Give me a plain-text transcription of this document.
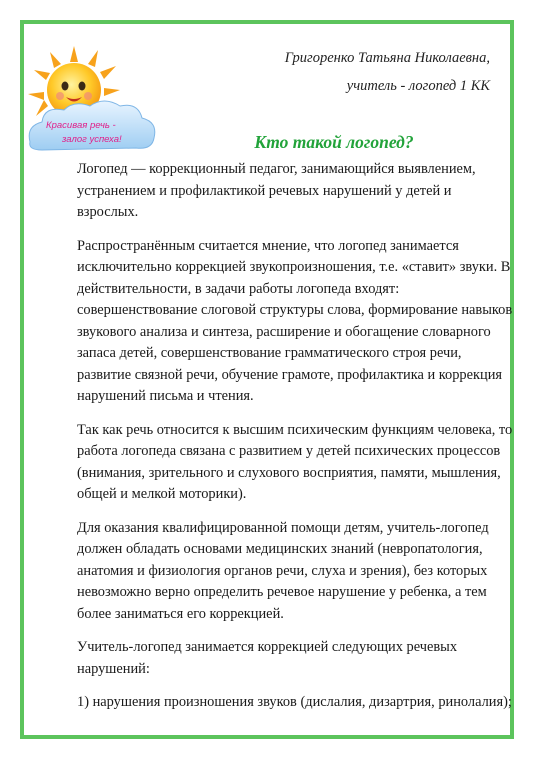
Красивая речь -
залог успеха!
Григоренко Татьяна Николаевна,
учитель - логопед 1 КК
Кто такой логопед?

Логопед — коррекционный педагог, занимающийся выявлением, устранением и профилактикой речевых нарушений у детей и взрослых.

Распространённым считается мнение, что логопед занимается исключительно коррекцией звукопроизношения, т.е. «ставит» звуки. В действительности, в задачи работы логопеда входят: совершенствование слоговой структуры слова, формирование навыков звукового анализа и синтеза, расширение и обогащение словарного запаса детей, совершенствование грамматического строя речи, развитие связной речи, обучение грамоте, профилактика и коррекция нарушений письма и чтения.

Так как речь относится к высшим психическим функциям человека, то работа логопеда связана с развитием у детей психических процессов (внимания, зрительного и слухового восприятия, памяти, мышления, общей и мелкой моторики).

Для оказания квалифицированной помощи детям, учитель-логопед должен обладать основами медицинских знаний (невропатология, анатомия и физиология органов речи, слуха и зрения), без которых невозможно верно определить речевое нарушение у ребенка, а тем более заниматься его коррекцией.

Учитель-логопед занимается коррекцией следующих речевых нарушений:

1) нарушения произношения звуков (дислалия, дизартрия, ринолалия);
